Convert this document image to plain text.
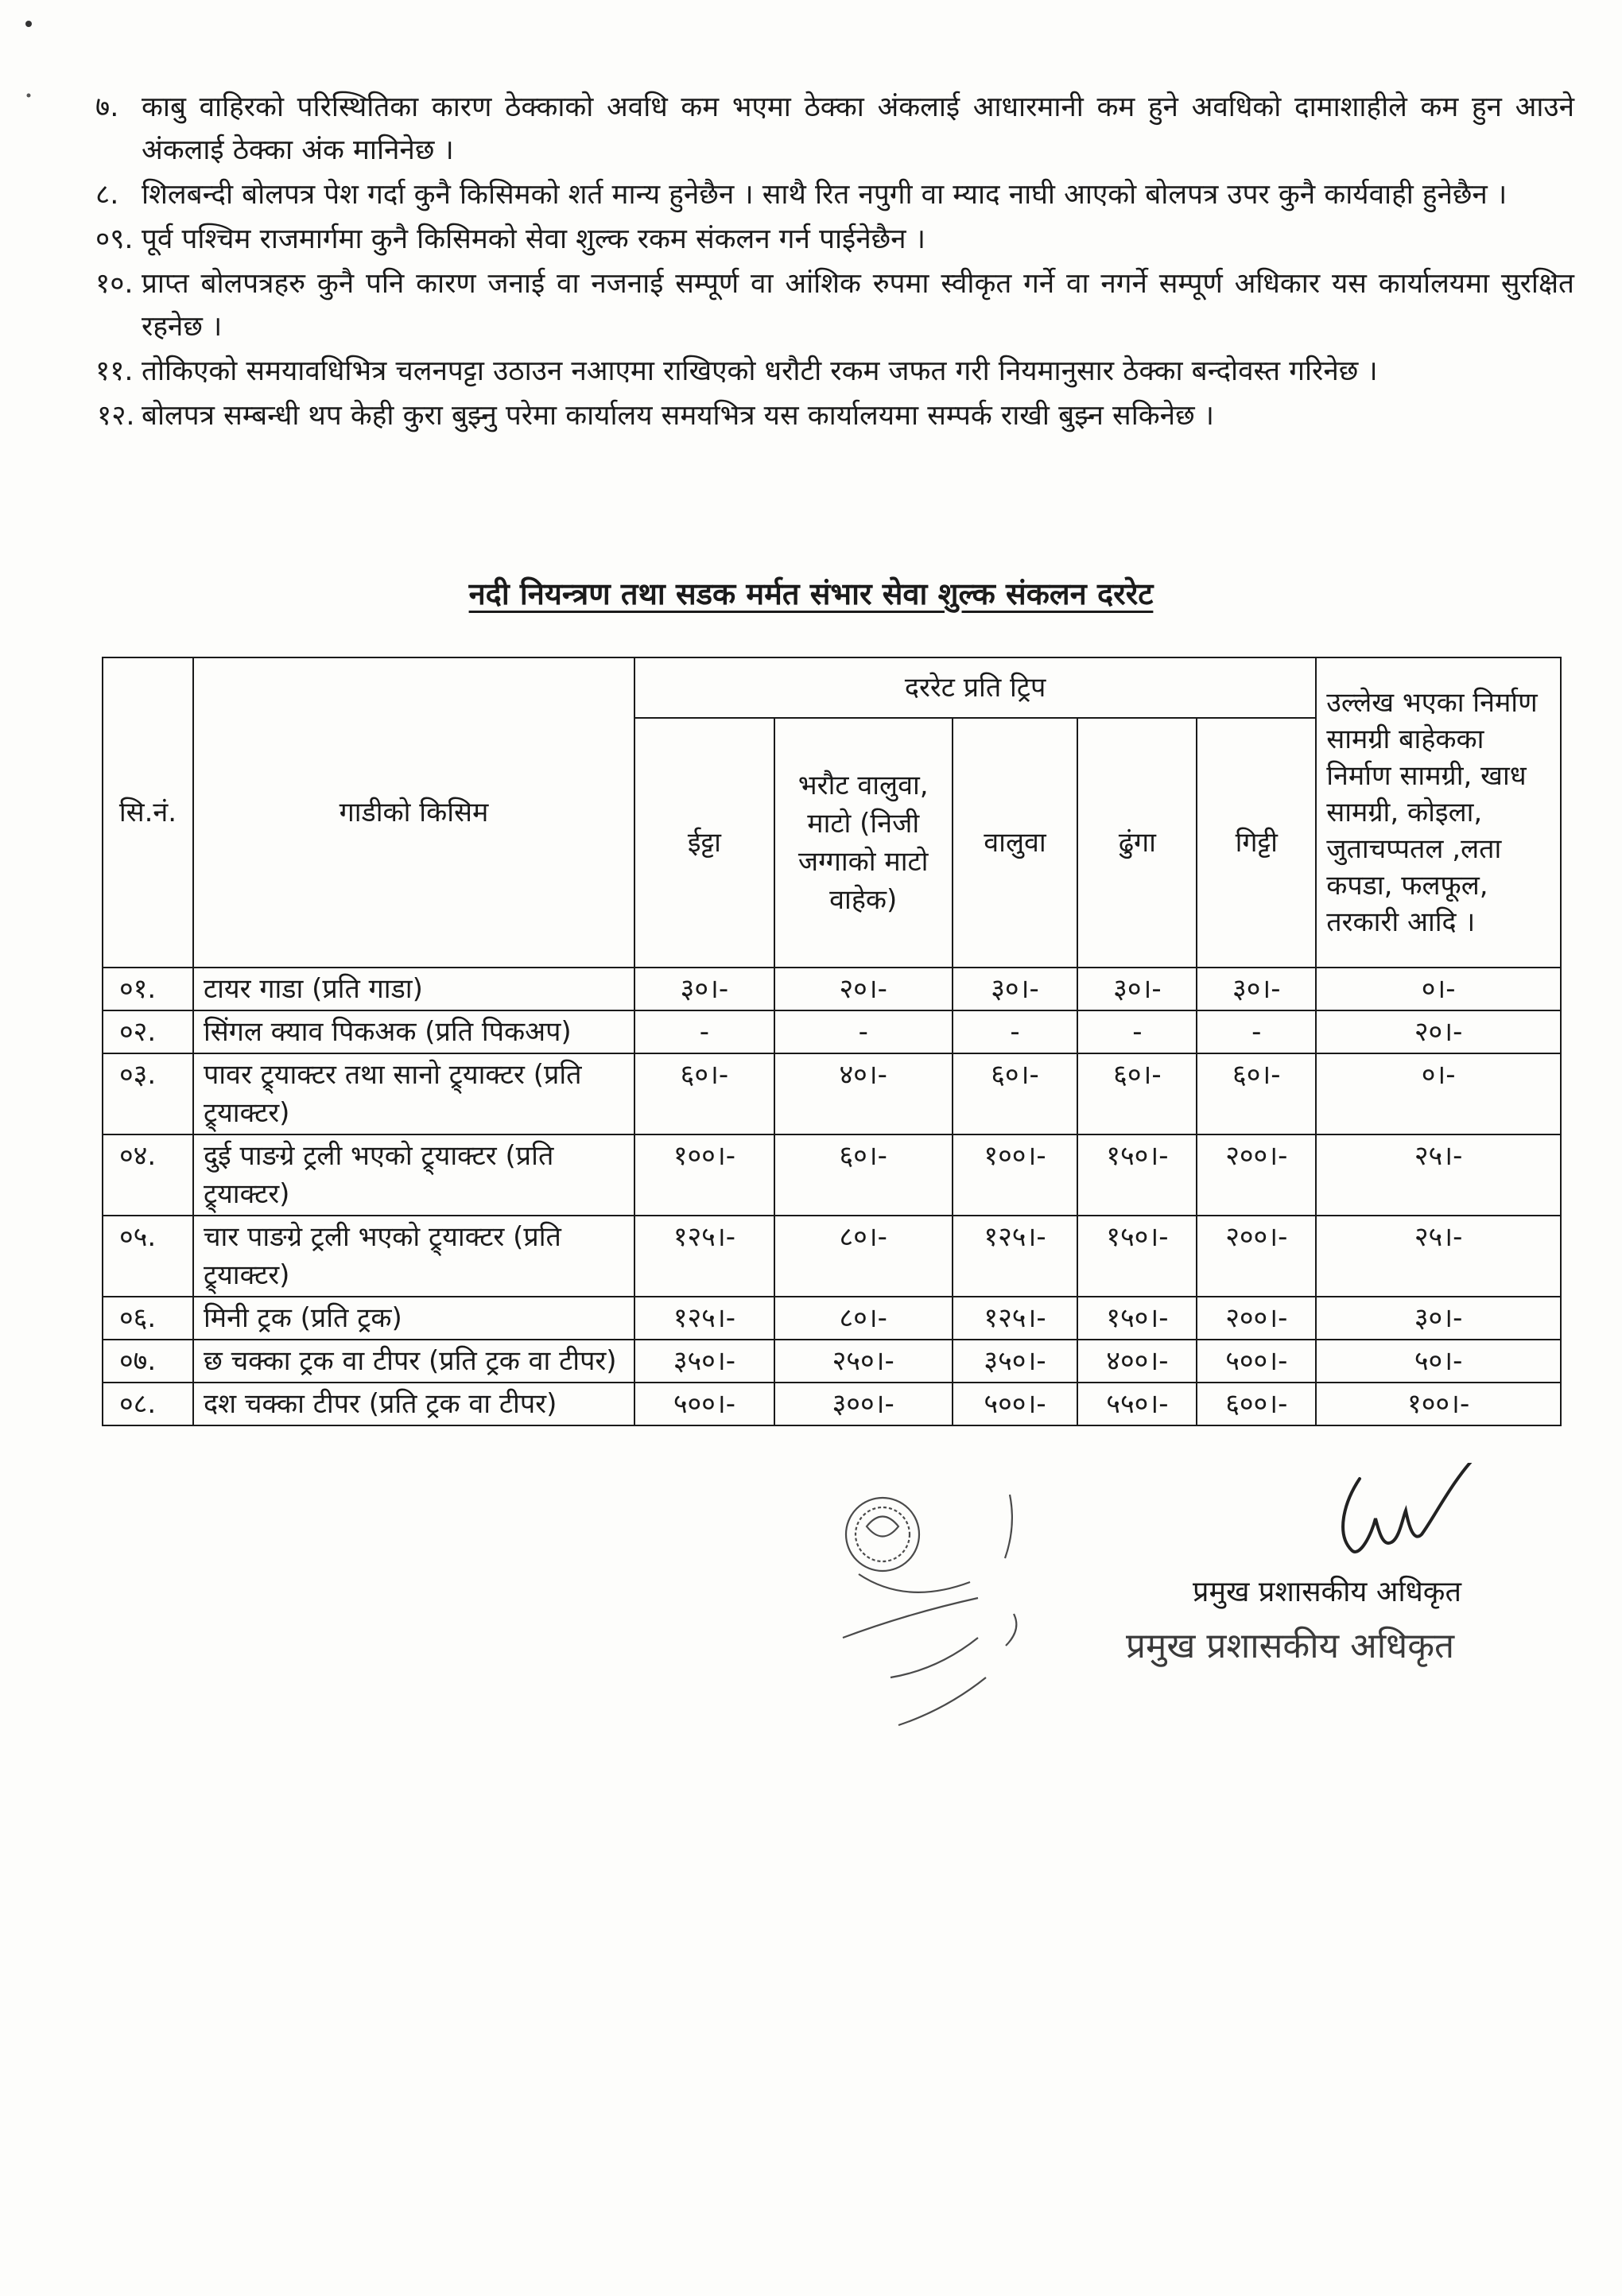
७. काबु वाहिरको परिस्थितिका कारण ठेक्काको अवधि कम भएमा ठेक्का अंकलाई आधारमानी कम हुने अवधिको दामाशाहीले कम हुन आउने अंकलाई ठेक्का अंक मानिनेछ ।
८. शिलबन्दी बोलपत्र पेश गर्दा कुनै किसिमको शर्त मान्य हुनेछैन । साथै रित नपुगी वा म्याद नाघी आएको बोलपत्र उपर कुनै कार्यवाही हुनेछैन ।
०९. पूर्व पश्चिम राजमार्गमा कुनै किसिमको सेवा शुल्क रकम संकलन गर्न पाईनेछैन ।
१०. प्राप्त बोलपत्रहरु कुनै पनि कारण जनाई वा नजनाई सम्पूर्ण वा आंशिक रुपमा स्वीकृत गर्ने वा नगर्ने सम्पूर्ण अधिकार यस कार्यालयमा सुरक्षित रहनेछ ।
११. तोकिएको समयावधिभित्र चलनपट्टा उठाउन नआएमा राखिएको धरौटी रकम जफत गरी नियमानुसार ठेक्का बन्दोवस्त गरिनेछ ।
१२. बोलपत्र सम्बन्धी थप केही कुरा बुझ्नु परेमा कार्यालय समयभित्र यस कार्यालयमा सम्पर्क राखी बुझ्न सकिनेछ ।
नदी नियन्त्रण तथा सडक मर्मत संभार सेवा शुल्क संकलन दररेट
सि.नं.	गाडीको किसिम	दररेट प्रति ट्रिप					उल्लेख भएका निर्माण सामग्री बाहेकका निर्माण सामग्री, खाध सामग्री, कोइला, जुताचप्पतल ,लता कपडा, फलफूल, तरकारी आदि ।
		ईट्टा	भरौट वालुवा, माटो (निजी जग्गाको माटो वाहेक)	वालुवा	ढुंगा	गिट्टी	
०१.	टायर गाडा (प्रति गाडा)	३०।-	२०।-	३०।-	३०।-	३०।-	०।-
०२.	सिंगल क्याव पिकअक (प्रति पिकअप)	-	-	-	-	-	२०।-
०३.	पावर ट्र्याक्टर तथा सानो ट्र्याक्टर (प्रति ट्र्याक्टर)	६०।-	४०।-	६०।-	६०।-	६०।-	०।-
०४.	दुई पाङग्रे ट्रली भएको ट्र्याक्टर (प्रति ट्र्याक्टर)	१००।-	६०।-	१००।-	१५०।-	२००।-	२५।-
०५.	चार पाङग्रे ट्रली भएको ट्र्याक्टर (प्रति ट्र्याक्टर)	१२५।-	८०।-	१२५।-	१५०।-	२००।-	२५।-
०६.	मिनी ट्रक (प्रति ट्रक)	१२५।-	८०।-	१२५।-	१५०।-	२००।-	३०।-
०७.	छ चक्का ट्रक वा टीपर (प्रति ट्रक वा टीपर)	३५०।-	२५०।-	३५०।-	४००।-	५००।-	५०।-
०८.	दश चक्का टीपर (प्रति ट्रक वा टीपर)	५००।-	३००।-	५००।-	५५०।-	६००।-	१००।-
प्रमुख प्रशासकीय अधिकृत
प्रमुख प्रशासकीय अधिकृत
